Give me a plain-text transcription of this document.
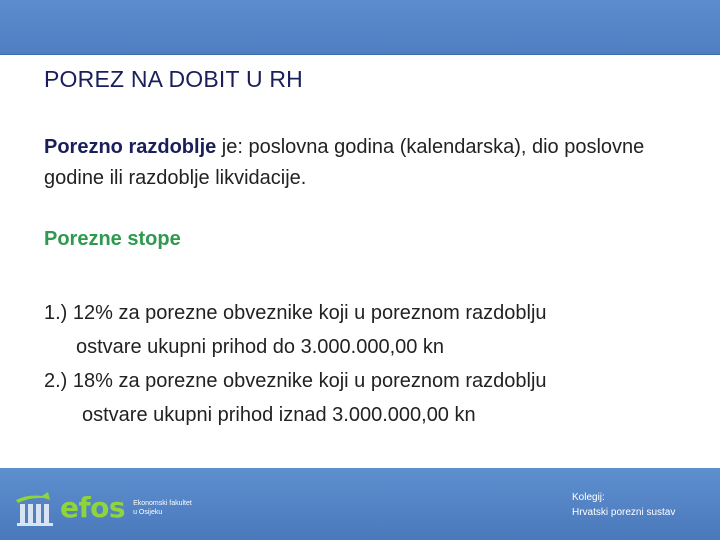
POREZ NA DOBIT U RH

Porezno razdoblje je: poslovna godina (kalendarska), dio poslovne godine ili razdoblje likvidacije.

Porezne stope
1.) 12% za porezne obveznike koji u poreznom razdoblju
ostvare ukupni prihod do 3.000.000,00 kn
2.) 18% za porezne obveznike koji u poreznom razdoblju
ostvare ukupni prihod iznad 3.000.000,00 kn
efos Ekonomski fakultet
u Osijeku
Kolegij:
Hrvatski porezni sustav
